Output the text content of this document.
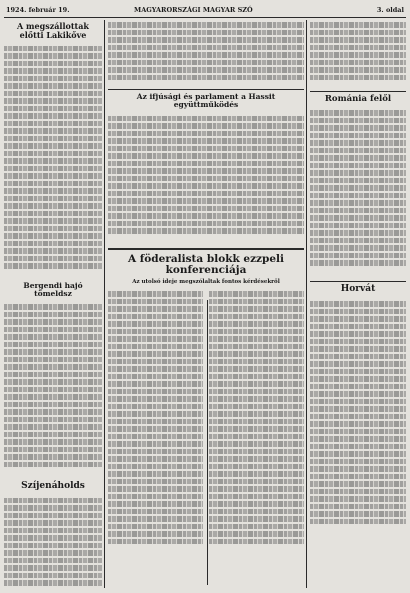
1924. február 19.	MAGYARORSZÁGI MAGYAR SZÓ	3. oldal
A megszállottak előtti Lakikőve
Bergendi hajó tömeldsz
Szíjenáholds
Az ifjúsági és parlament a Hassit együttműködés
A föderalista blokk ezzpeli konferenciája
Az utolsó ideje megszólaltak fontos kérdésekről
Románia felől
Horvát
